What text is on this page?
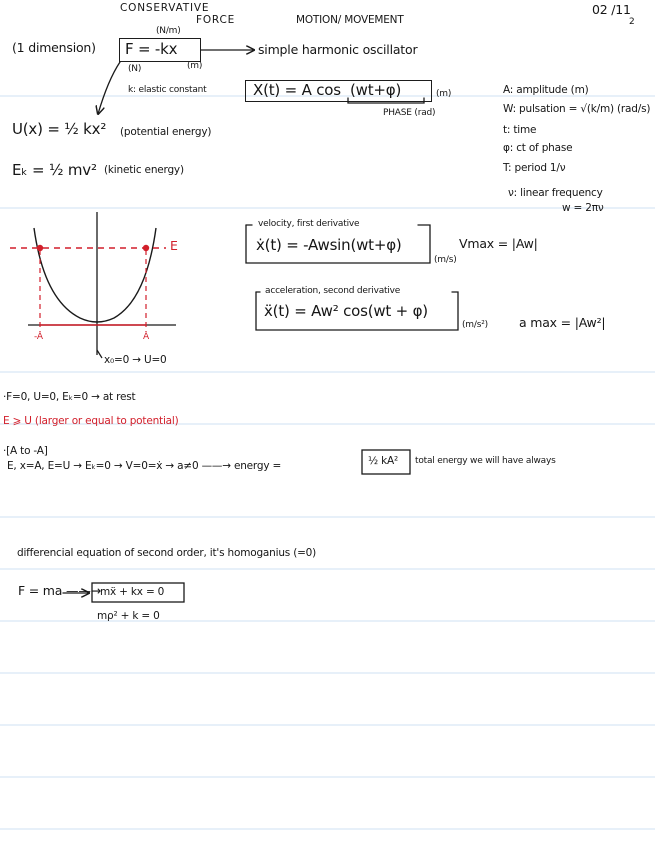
CONSERVATIVE
FORCE	MOTION/ MOVEMENT
02 /11
2
(1 dimension) F = -kx
(N/m)
(N)	(m)
simple harmonic oscillator
k: elastic constant	X(t) = A cos (wt+φ)	(m)
PHASE (rad)
U(x) = ½ kx² (potential energy)
Eₖ = ½ mv² (kinetic energy)
A: amplitude (m)
W: pulsation = √(k/m) (rad/s)
t: time
φ: ct of phase
T: period 1/ν
ν: linear frequency
w = 2πν
E
-A	A
x₀=0 → U=0
velocity, first derivative
ẋ(t) = -Awsin(wt+φ)
(m/s)
Vmax = |Aw|
acceleration, second derivative
ẍ(t) = Aw² cos(wt + φ)
(m/s²) a max = |Aw²|
·F=0, U=0, Eₖ=0 → at rest
E ⩾ U (larger or equal to potential)
·[A to -A]
E, x=A, E=U → Eₖ=0 → V=0=ẋ → a≠0 ——→ energy =	½ kA² total energy we will have always
differencial equation of second order, it's homoganius (=0)
F = ma ——→ mẍ + kx = 0
mρ² + k = 0
